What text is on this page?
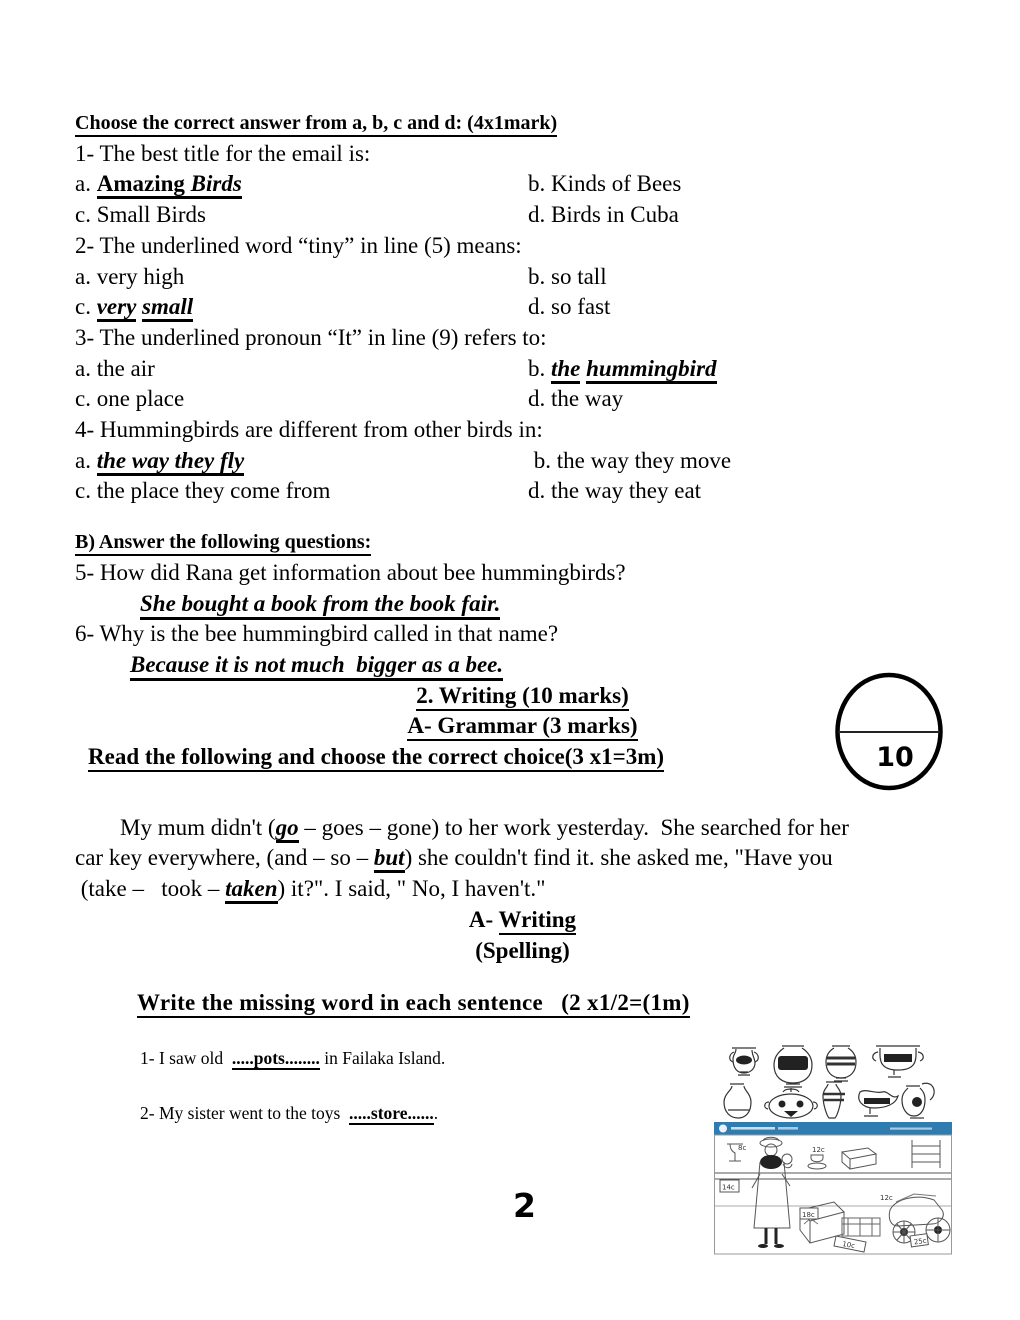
Choose the correct answer from a, b, c and d: (4x1mark)
1- The best title for the email is:
a. Amazing Birds	b. Kinds of Bees
c. Small Birds	d. Birds in Cuba
2- The underlined word “tiny” in line (5) means:
a. very high	b. so tall
c. very small	d. so fast
3- The underlined pronoun “It” in line (9) refers to:
a. the air	b. the hummingbird
c. one place	d. the way
4- Hummingbirds are different from other birds in:
a. the way they fly	b. the way they move
c. the place they come from	d. the way they eat
B) Answer the following questions:
5- How did Rana get information about bee hummingbirds?
She bought a book from the book fair.
6- Why is the bee hummingbird called in that name?
Because it is not much  bigger as a bee.
2. Writing (10 marks)
A- Grammar (3 marks)
Read the following and choose the correct choice(3 x1=3m)
My mum didn't (go – goes – gone) to her work yesterday.  She searched for her
car key everywhere, (and – so – but) she couldn't find it. she asked me, "Have you
(take –   took – taken) it?". I said, " No, I haven't."
A- Writing
(Spelling)
Write the missing word in each sentence   (2 x1/2=(1m)
1- I saw old  .....pots........ in Failaka Island.
2- My sister went to the toys  .....store.......
10
8c
14c
12c
18c
12c
10c	25c
2
